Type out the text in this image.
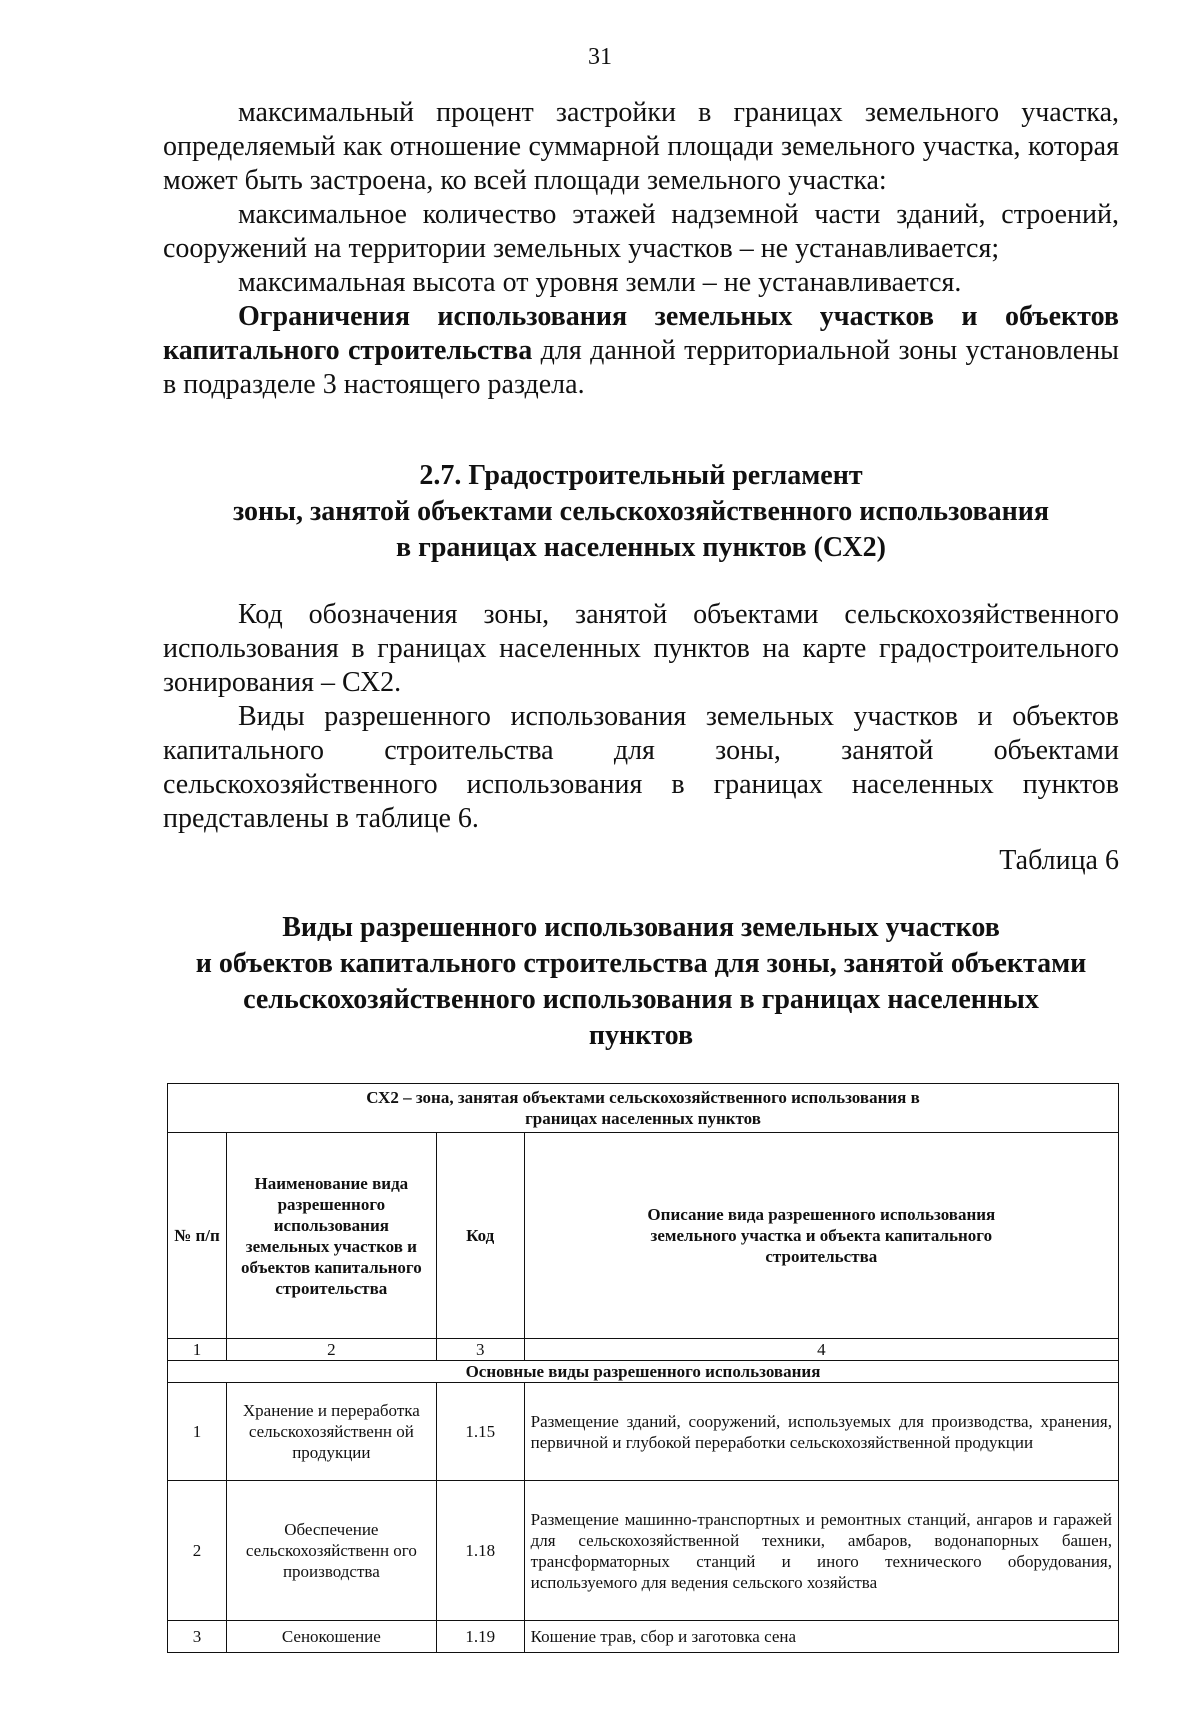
31

максимальный процент застройки в границах земельного участка, определяемый как отношение суммарной площади земельного участка, которая может быть застроена, ко всей площади земельного участка:

максимальное количество этажей надземной части зданий, строений, сооружений на территории земельных участков – не устанавливается;

максимальная высота от уровня земли – не устанавливается.

Ограничения использования земельных участков и объектов капитального строительства для данной территориальной зоны установлены в подразделе 3 настоящего раздела.

2.7. Градостроительный регламент
зоны, занятой объектами сельскохозяйственного использования
в границах населенных пунктов (СХ2)

Код обозначения зоны, занятой объектами сельскохозяйственного использования в границах населенных пунктов на карте градостроительного зонирования – СХ2.

Виды разрешенного использования земельных участков и объектов капитального строительства для зоны, занятой объектами сельскохозяйственного использования в границах населенных пунктов представлены в таблице 6.

Таблица 6
Виды разрешенного использования земельных участков
и объектов капитального строительства для зоны, занятой объектами
сельскохозяйственного использования в границах населенных
пунктов
СХ2 – зона, занятая объектами сельскохозяйственного использования в границах населенных пунктов			
№ п/п	Наименование вида разрешенного использования земельных участков и объектов капитального строительства	Код	Описание вида разрешенного использования земельного участка и объекта капитального строительства
1	2	3	4
Основные виды разрешенного использования			
1	Хранение и переработка сельскохозяйственн ой продукции	1.15	Размещение зданий, сооружений, используемых для производства, хранения, первичной и глубокой переработки сельскохозяйственной продукции
2	Обеспечение сельскохозяйственн ого производства	1.18	Размещение машинно-транспортных и ремонтных станций, ангаров и гаражей для сельскохозяйственной техники, амбаров, водонапорных башен, трансформаторных станций и иного технического оборудования, используемого для ведения сельского хозяйства
3	Сенокошение	1.19	Кошение трав, сбор и заготовка сена
